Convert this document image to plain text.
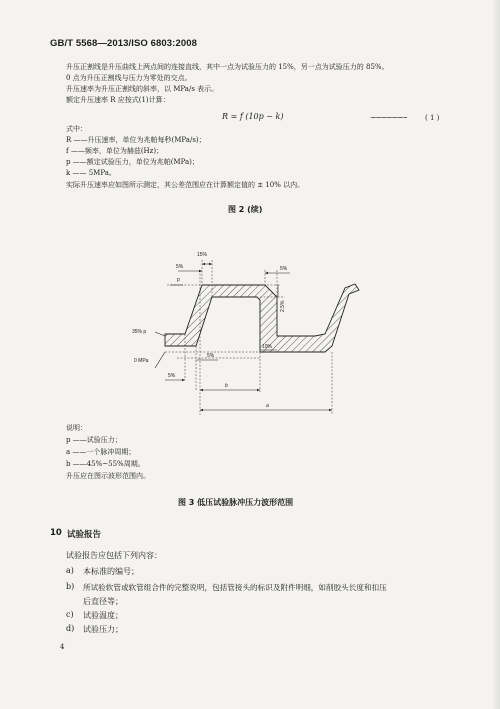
GB/T 5568—2013/ISO 6803:2008
升压正割线是升压曲线上两点间的连接直线，其中一点为试验压力的 15%，另一点为试验压力的 85%。
0 点为升压正割线与压力为零处的交点。
升压速率为升压正割线的斜率，以 MPa/s 表示。
额定升压速率 R 应按式(1)计算：
R = f (10p − k)	······························	( 1 )
式中：
R ——升压速率，单位为兆帕每秒(MPa/s)；
f ——频率，单位为赫兹(Hz)；
p ——额定试验压力，单位为兆帕(MPa)；
k —— 5MPa。
实际升压速率应如图所示测定，其公差范围应在计算额定值的 ± 10% 以内。
图 2 (续)
p
15%
5%	5%
2.5%
35% p
0 MPa
5%
10%
5%
b
a
说明：
p ——试验压力；
a ——一个脉冲周期；
b ——45%~55%周期。
升压应在图示波形范围内。
图 3 低压试验脉冲压力波形范围
10 试验报告
试验报告应包括下列内容：
a) 本标准的编号；
b) 所试验软管或软管组合件的完整说明，包括管接头的标识及附件明细，如削胶头长度和扣压
后直径等；
c) 试验温度；
d) 试验压力；
4
